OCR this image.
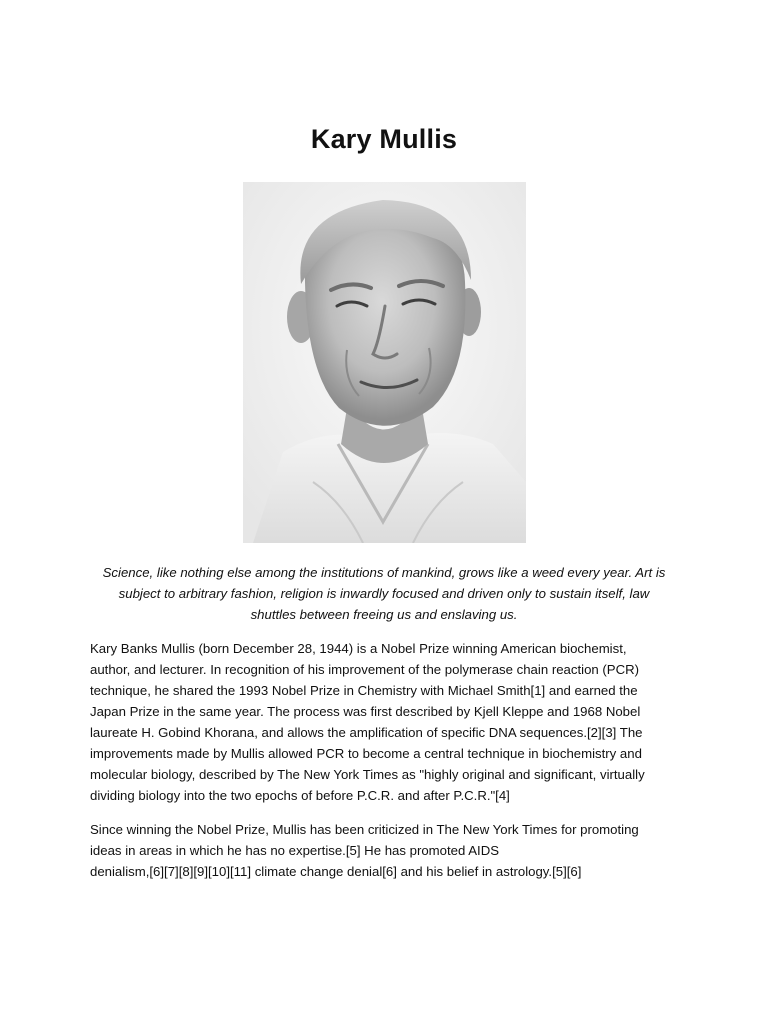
Kary Mullis
Science, like nothing else among the institutions of mankind, grows like a weed every year. Art is
subject to arbitrary fashion, religion is inwardly focused and driven only to sustain itself, law
shuttles between freeing us and enslaving us.
Kary Banks Mullis (born December 28, 1944) is a Nobel Prize winning American biochemist,
author, and lecturer. In recognition of his improvement of the polymerase chain reaction (PCR)
technique, he shared the 1993 Nobel Prize in Chemistry with Michael Smith[1] and earned the
Japan Prize in the same year. The process was first described by Kjell Kleppe and 1968 Nobel
laureate H. Gobind Khorana, and allows the amplification of specific DNA sequences.[2][3] The
improvements made by Mullis allowed PCR to become a central technique in biochemistry and
molecular biology, described by The New York Times as "highly original and significant, virtually
dividing biology into the two epochs of before P.C.R. and after P.C.R."[4]
Since winning the Nobel Prize, Mullis has been criticized in The New York Times for promoting
ideas in areas in which he has no expertise.[5] He has promoted AIDS
denialism,[6][7][8][9][10][11] climate change denial[6] and his belief in astrology.[5][6]
